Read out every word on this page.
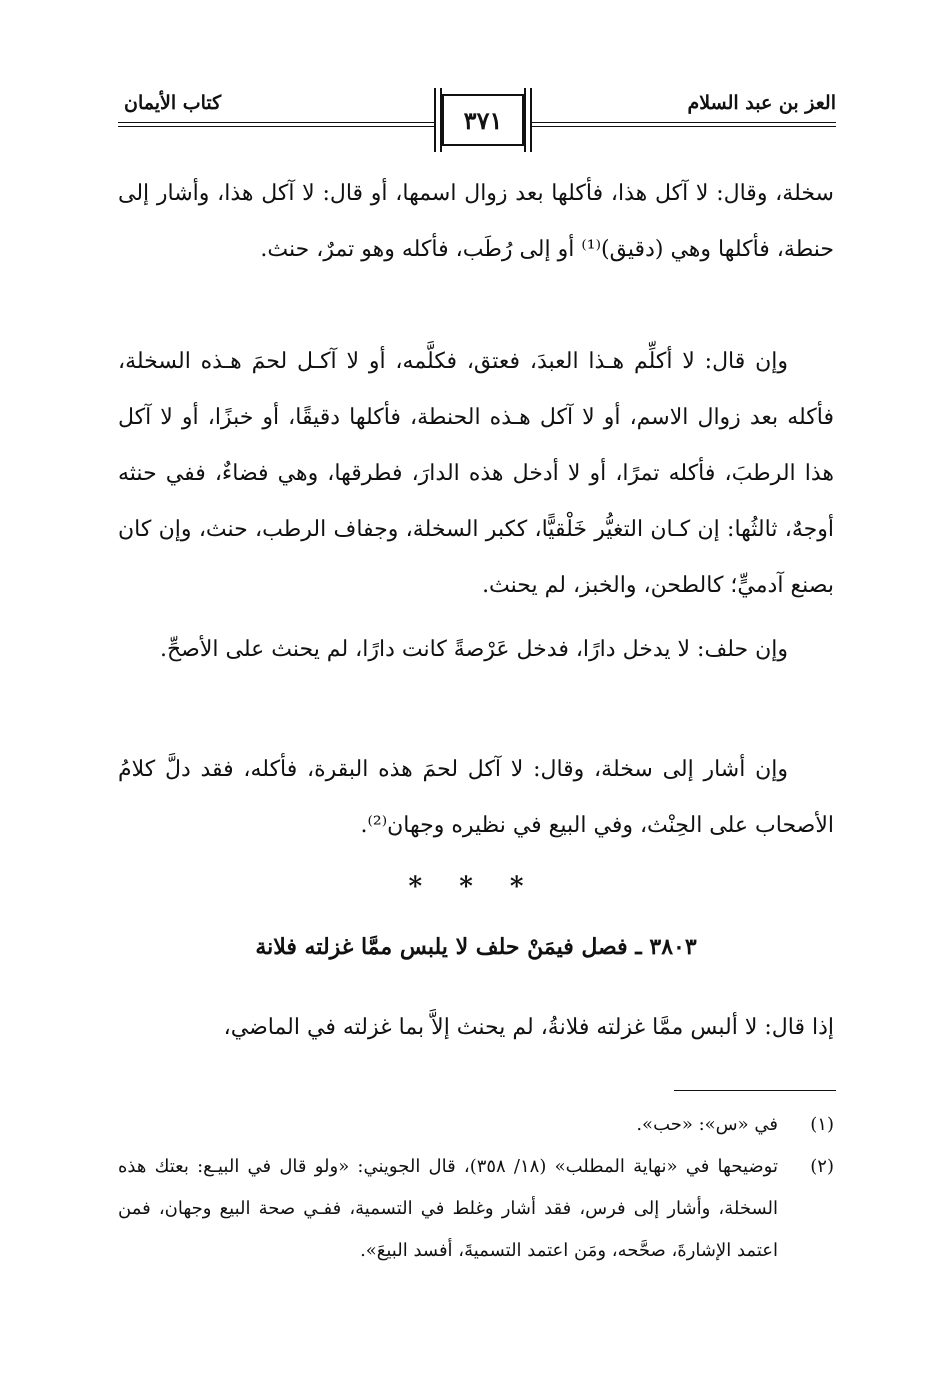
العز بن عبد السلام
كتاب الأيمان
٣٧١

سخلة، وقال: لا آكل هذا، فأكلها بعد زوال اسمها، أو قال: لا آكل هذا، وأشار إلى حنطة، فأكلها وهي (دقيق)⁽¹⁾ أو إلى رُطَب، فأكله وهو تمرٌ، حنث.

وإن قال: لا أكلِّم هـذا العبدَ، فعتق، فكلَّمه، أو لا آكـل لحمَ هـذه السخلة، فأكله بعد زوال الاسم، أو لا آكل هـذه الحنطة، فأكلها دقيقًا، أو خبزًا، أو لا آكل هذا الرطبَ، فأكله تمرًا، أو لا أدخل هذه الدارَ، فطرقها، وهي فضاءٌ، ففي حنثه أوجهٌ، ثالثُها: إن كـان التغيُّر خَلْقيًّا، ككبر السخلة، وجفاف الرطب، حنث، وإن كان بصنع آدميٍّ؛ كالطحن، والخبز، لم يحنث.

وإن حلف: لا يدخل دارًا، فدخل عَرْصةً كانت دارًا، لم يحنث على الأصحِّ.

وإن أشار إلى سخلة، وقال: لا آكل لحمَ هذه البقرة، فأكله، فقد دلَّ كلامُ الأصحاب على الحِنْث، وفي البيع في نظيره وجهان⁽²⁾.

* * *
٣٨٠٣ ـ فصل فيمَنْ حلف لا يلبس ممَّا غزلته فلانة

إذا قال: لا ألبس ممَّا غزلته فلانةُ، لم يحنث إلاَّ بما غزلته في الماضي،

(١)
في «س»: «حب».
(٢)
توضيحها في «نهاية المطلب» (١٨/ ٣٥٨)، قال الجويني: «ولو قال في البيـع: بعتك هذه السخلة، وأشار إلى فرس، فقد أشار وغلط في التسمية، ففـي صحة البيع وجهان، فمن اعتمد الإشارةَ، صحَّحه، ومَن اعتمد التسميةَ، أفسد البيعَ».
